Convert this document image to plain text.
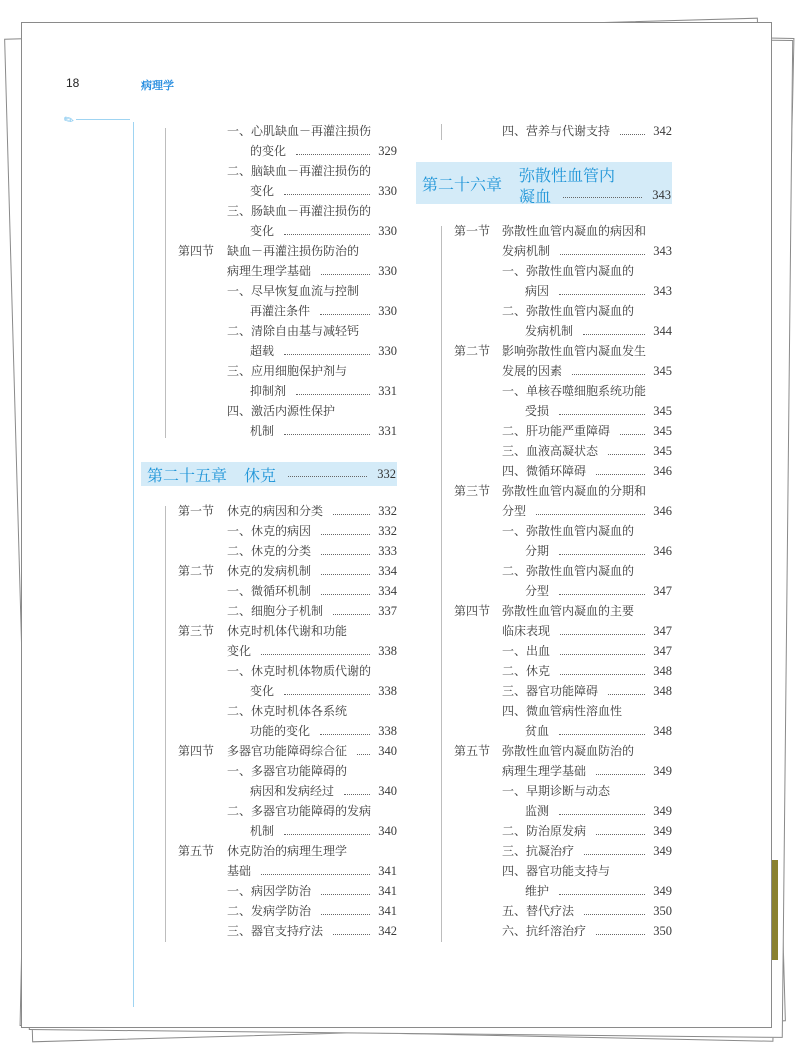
18	病理学
✎
一、心肌缺血－再灌注损伤
的变化	329
二、脑缺血－再灌注损伤的
变化	330
三、肠缺血－再灌注损伤的
变化	330
第四节 缺血－再灌注损伤防治的
病理生理学基础	330
一、尽早恢复血流与控制
再灌注条件	330
二、清除自由基与减轻钙
超载	330
三、应用细胞保护剂与
抑制剂	331
四、激活内源性保护
机制	331
第二十五章 休克	332
第一节 休克的病因和分类	332
一、休克的病因	332
二、休克的分类	333
第二节 休克的发病机制	334
一、微循环机制	334
二、细胞分子机制	337
第三节 休克时机体代谢和功能
变化	338
一、休克时机体物质代谢的
变化	338
二、休克时机体各系统
功能的变化	338
第四节 多器官功能障碍综合征 340
一、多器官功能障碍的
病因和发病经过	340
二、多器官功能障碍的发病
机制	340
第五节 休克防治的病理生理学
基础	341
一、病因学防治	341
二、发病学防治	341
三、器官支持疗法	342
四、营养与代谢支持	342
第二十六章 弥散性血管内
凝血	343
第一节 弥散性血管内凝血的病因和
发病机制	343
一、弥散性血管内凝血的
病因	343
二、弥散性血管内凝血的
发病机制	344
第二节 影响弥散性血管内凝血发生
发展的因素	345
一、单核吞噬细胞系统功能
受损	345
二、肝功能严重障碍	345
三、血液高凝状态	345
四、微循环障碍	346
第三节 弥散性血管内凝血的分期和
分型	346
一、弥散性血管内凝血的
分期	346
二、弥散性血管内凝血的
分型	347
第四节 弥散性血管内凝血的主要
临床表现	347
一、出血	347
二、休克	348
三、器官功能障碍	348
四、微血管病性溶血性
贫血	348
第五节 弥散性血管内凝血防治的
病理生理学基础	349
一、早期诊断与动态
监测	349
二、防治原发病	349
三、抗凝治疗	349
四、器官功能支持与
维护	349
五、替代疗法	350
六、抗纤溶治疗	350
